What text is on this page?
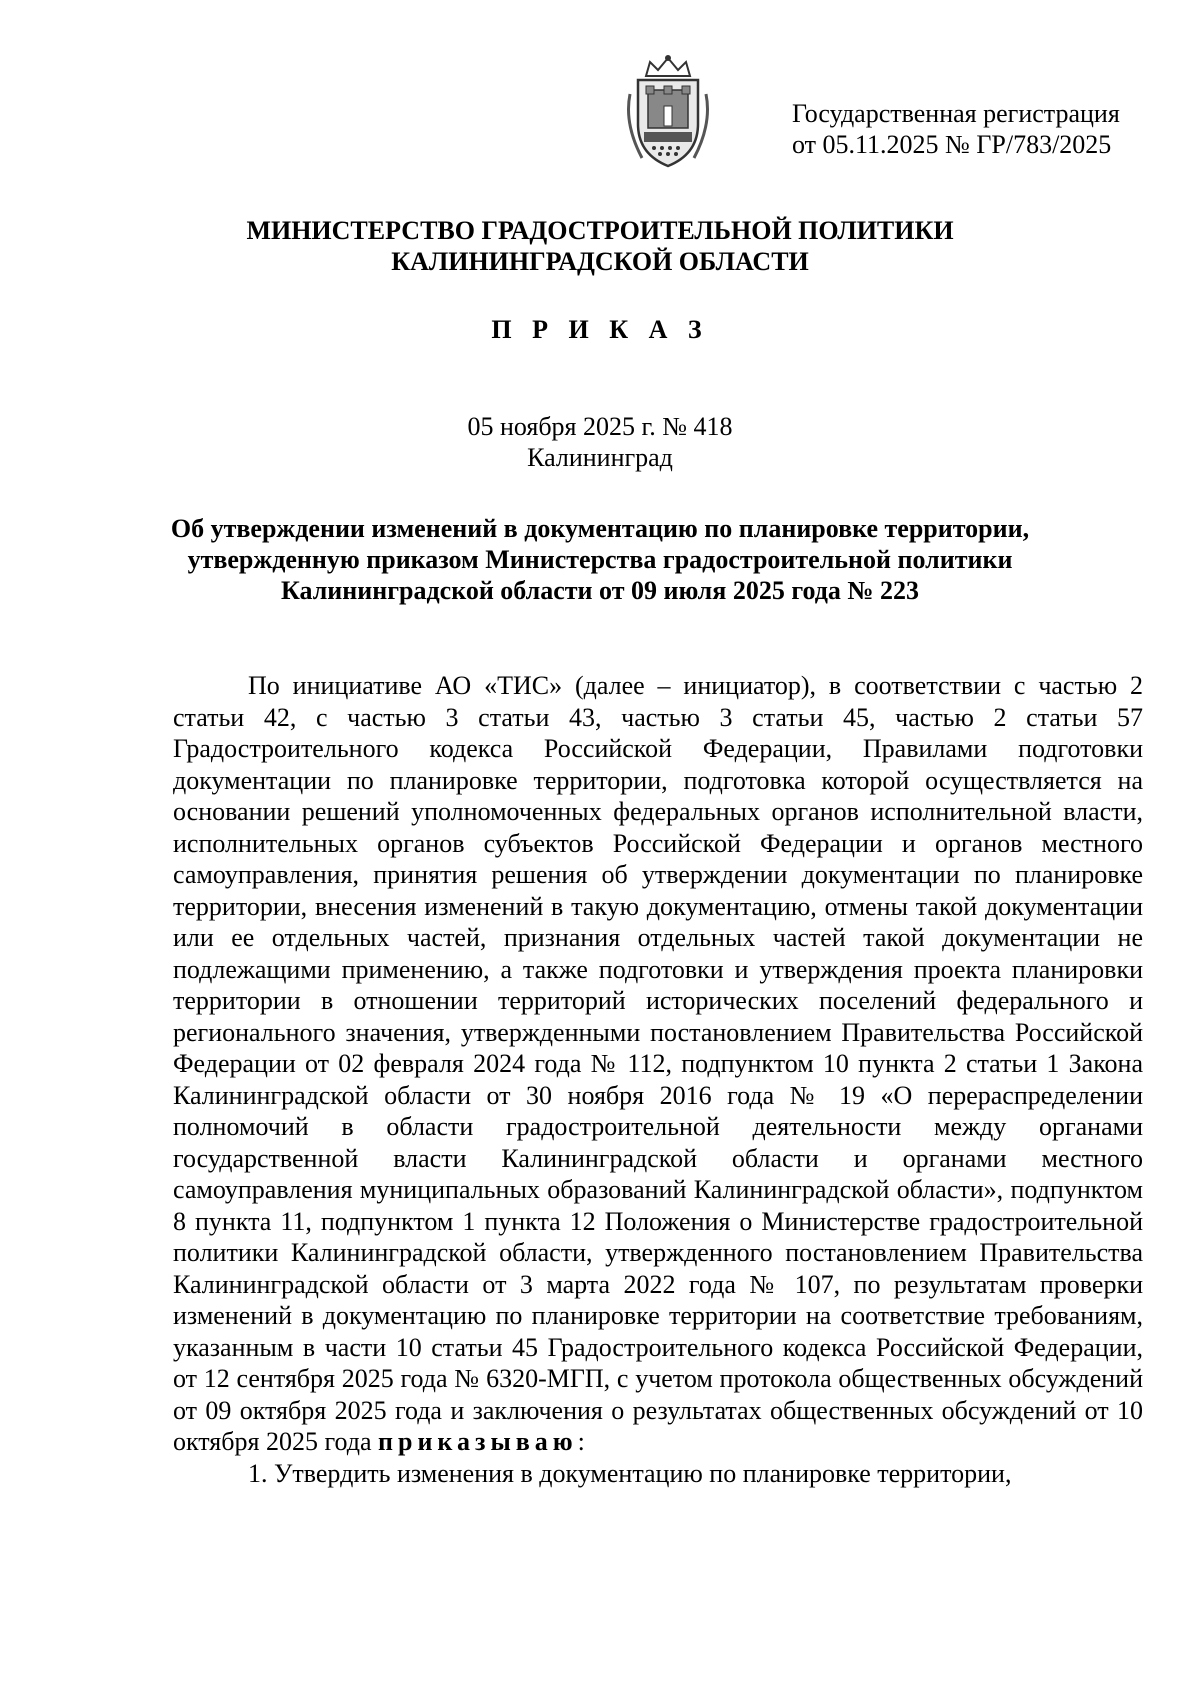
Государственная регистрация
от 05.11.2025 № ГР/783/2025
МИНИСТЕРСТВО ГРАДОСТРОИТЕЛЬНОЙ ПОЛИТИКИ
КАЛИНИНГРАДСКОЙ ОБЛАСТИ
П Р И К А З
05 ноября 2025 г. № 418
Калининград
Об утверждении изменений в документацию по планировке территории,
утвержденную приказом Министерства градостроительной политики
Калининградской области от 09 июля 2025 года № 223

По инициативе АО «ТИС» (далее – инициатор), в соответствии с частью 2 статьи 42, с частью 3 статьи 43, частью 3 статьи 45, частью 2 статьи 57 Градостроительного кодекса Российской Федерации, Правилами подготовки документации по планировке территории, подготовка которой осуществляется на основании решений уполномоченных федеральных органов исполнительной власти, исполнительных органов субъектов Российской Федерации и органов местного самоуправления, принятия решения об утверждении документации по планировке территории, внесения изменений в такую документацию, отмены такой документации или ее отдельных частей, признания отдельных частей такой документации не подлежащими применению, а также подготовки и утверждения проекта планировки территории в отношении территорий исторических поселений федерального и регионального значения, утвержденными постановлением Правительства Российской Федерации от 02 февраля 2024 года № 112, подпунктом 10 пункта 2 статьи 1 Закона Калининградской области от 30 ноября 2016 года № 19 «О перераспределении полномочий в области градостроительной деятельности между органами государственной власти Калининградской области и органами местного самоуправления муниципальных образований Калининградской области», подпунктом 8 пункта 11, подпунктом 1 пункта 12 Положения о Министерстве градостроительной политики Калининградской области, утвержденного постановлением Правительства Калининградской области от 3 марта 2022 года № 107, по результатам проверки изменений в документацию по планировке территории на соответствие требованиям, указанным в части 10 статьи 45 Градостроительного кодекса Российской Федерации, от 12 сентября 2025 года № 6320-МГП, с учетом протокола общественных обсуждений от 09 октября 2025 года и заключения о результатах общественных обсуждений от 10 октября 2025 года приказываю:

1. Утвердить изменения в документацию по планировке территории,
